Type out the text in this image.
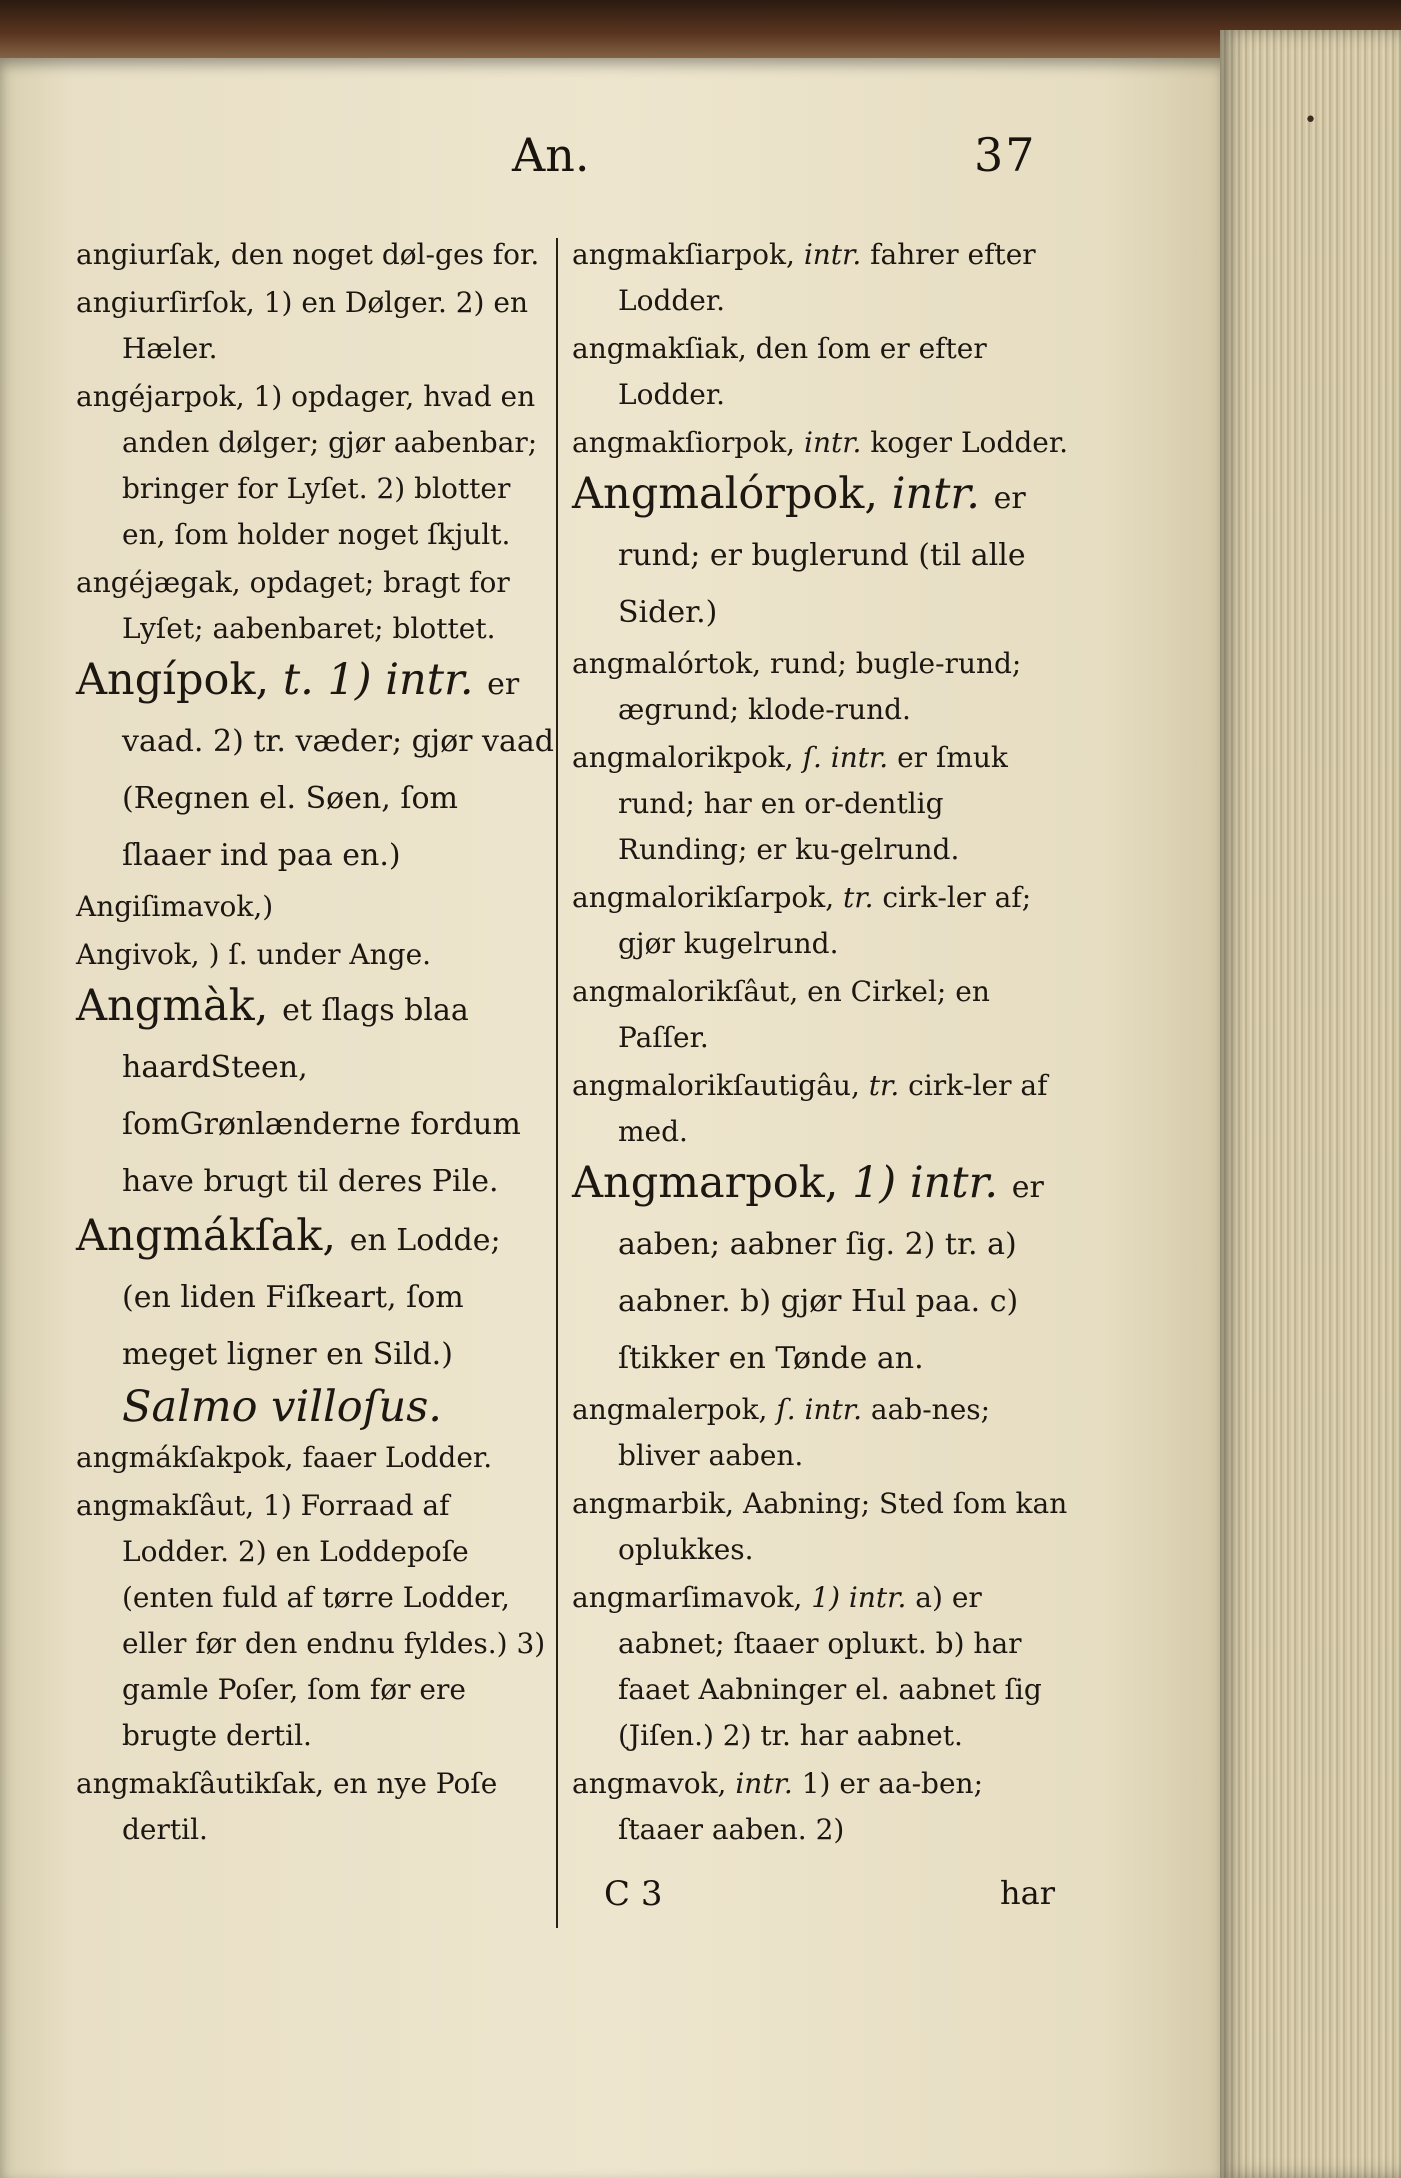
•
An.	37

angiurſak, den noget døl‑ges for.

angiurſirſok, 1) en Dølger. 2) en Hæler.

angéjarpok, 1) opdager, hvad en anden dølger; gjør aabenbar; bringer for Lyſet. 2) blotter en, ſom holder noget ſkjult.

angéjægak, opdaget; bragt for Lyſet; aabenbaret; blottet.

Angípok, t. 1) intr. er vaad. 2) tr. væder; gjør vaad (Regnen el. Søen, ſom ſlaaer ind paa en.)

Angiſimavok,)

Angivok, ) ſ. under Ange.

Angmàk, et ſlags blaa haardSteen, ſomGrønlænderne fordum have brugt til deres Pile.

Angmákſak, en Lodde; (en liden Fiſkeart, ſom meget ligner en Sild.) Salmo villoſus.

angmákſakpok, faaer Lodder.

angmakſâut, 1) Forraad af Lodder. 2) en Loddepoſe (enten fuld af tørre Lodder, eller før den endnu fyldes.) 3) gamle Poſer, ſom før ere brugte dertil.

angmakſâutikſak, en nye Poſe dertil.

angmakſiarpok, intr. fahrer efter Lodder.

angmakſiak, den ſom er efter Lodder.

angmakſiorpok, intr. koger Lodder.

Angmalórpok, intr. er rund; er buglerund (til alle Sider.)

angmalórtok, rund; bugle‑rund; ægrund; klode‑rund.

angmalorikpok, ſ. intr. er ſmuk rund; har en or‑dentlig Runding; er ku‑gelrund.

angmalorikſarpok, tr. cirk‑ler af; gjør kugelrund.

angmalorikſâut, en Cirkel; en Paſſer.

angmalorikſautigâu, tr. cirk‑ler af med.

Angmarpok, 1) intr. er aaben; aabner ſig. 2) tr. a) aabner. b) gjør Hul paa. c) ſtikker en Tønde an.

angmalerpok, ſ. intr. aab‑nes; bliver aaben.

angmarbik, Aabning; Sted ſom kan oplukkes.

angmarſimavok, 1) intr. a) er aabnet; ſtaaer opluκt. b) har faaet Aabninger el. aabnet ſig (Jiſen.) 2) tr. har aabnet.

angmavok, intr. 1) er aa‑ben; ſtaaer aaben. 2)

C 3	har
